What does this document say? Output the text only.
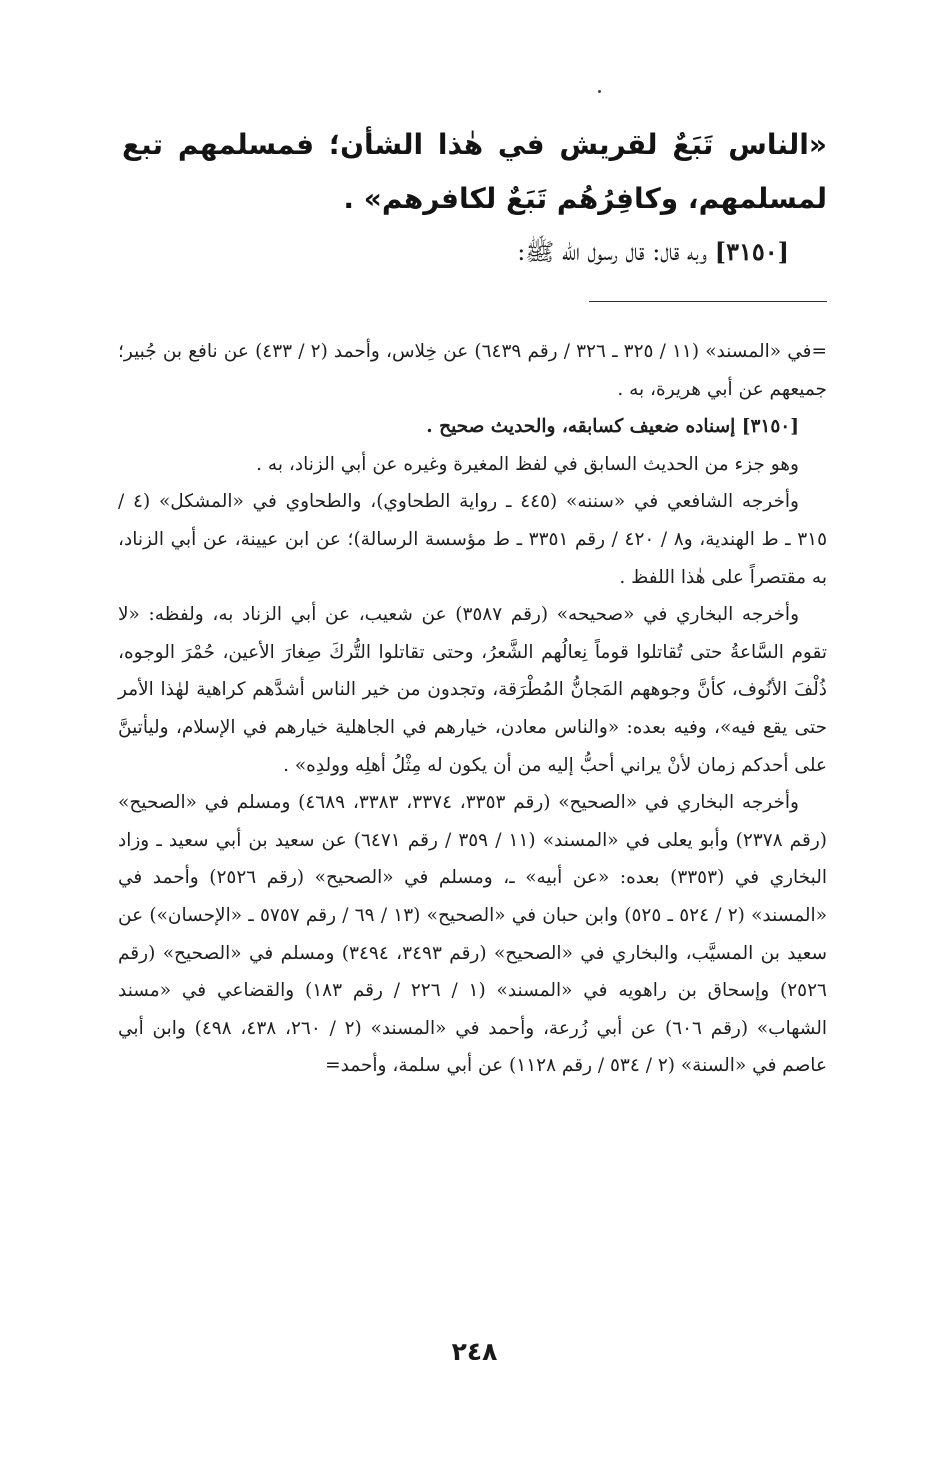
«الناس تَبَعٌ لقريش في هٰذا الشأن؛ فمسلمهم تبع لمسلمهم، وكافِرُهُم تَبَعٌ لكافرهم» .

[٣١٥٠] وبه قال: قال رسول الله ﷺ:

=في «المسند» (١١ / ٣٢٥ ـ ٣٢٦ / رقم ٦٤٣٩) عن خِلاس، وأحمد (٢ / ٤٣٣) عن نافع بن جُبير؛ جميعهم عن أبي هريرة، به .

[٣١٥٠] إسناده ضعيف كسابقه، والحديث صحيح .

وهو جزء من الحديث السابق في لفظ المغيرة وغيره عن أبي الزناد، به .

وأخرجه الشافعي في «سننه» (٤٤٥ ـ رواية الطحاوي)، والطحاوي في «المشكل» (٤ / ٣١٥ ـ ط الهندية، و٨ / ٤٢٠ / رقم ٣٣٥١ ـ ط مؤسسة الرسالة)؛ عن ابن عيينة، عن أبي الزناد، به مقتصراً على هٰذا اللفظ .

وأخرجه البخاري في «صحيحه» (رقم ٣٥٨٧) عن شعيب، عن أبي الزناد به، ولفظه: «لا تقوم السَّاعةُ حتى تُقاتلوا قوماً نِعالُهم الشَّعرُ، وحتى تقاتلوا التُّركَ صِغارَ الأعين، حُمْرَ الوجوه، ذُلْفَ الأنُوف، كأنَّ وجوههم المَجانُّ المُطْرَقة، وتجدون من خير الناس أشدَّهم كراهية لهٰذا الأمر حتى يقع فيه»، وفيه بعده: «والناس معادن، خيارهم في الجاهلية خيارهم في الإسلام، وليأتينَّ على أحدكم زمان لأنْ يراني أحبُّ إليه من أن يكون له مِثْلُ أهلِه وولدِه» .

وأخرجه البخاري في «الصحيح» (رقم ٣٣٥٣، ٣٣٧٤، ٣٣٨٣، ٤٦٨٩) ومسلم في «الصحيح» (رقم ٢٣٧٨) وأبو يعلى في «المسند» (١١ / ٣٥٩ / رقم ٦٤٧١) عن سعيد بن أبي سعيد ـ وزاد البخاري في (٣٣٥٣) بعده: «عن أبيه» ـ، ومسلم في «الصحيح» (رقم ٢٥٢٦) وأحمد في «المسند» (٢ / ٥٢٤ ـ ٥٢٥) وابن حبان في «الصحيح» (١٣ / ٦٩ / رقم ٥٧٥٧ ـ «الإحسان») عن سعيد بن المسيَّب، والبخاري في «الصحيح» (رقم ٣٤٩٣، ٣٤٩٤) ومسلم في «الصحيح» (رقم ٢٥٢٦) وإسحاق بن راهويه في «المسند» (١ / ٢٢٦ / رقم ١٨٣) والقضاعي في «مسند الشهاب» (رقم ٦٠٦) عن أبي زُرعة، وأحمد في «المسند» (٢ / ٢٦٠، ٤٣٨، ٤٩٨) وابن أبي عاصم في «السنة» (٢ / ٥٣٤ / رقم ١١٢٨) عن أبي سلمة، وأحمد=

٢٤٨
